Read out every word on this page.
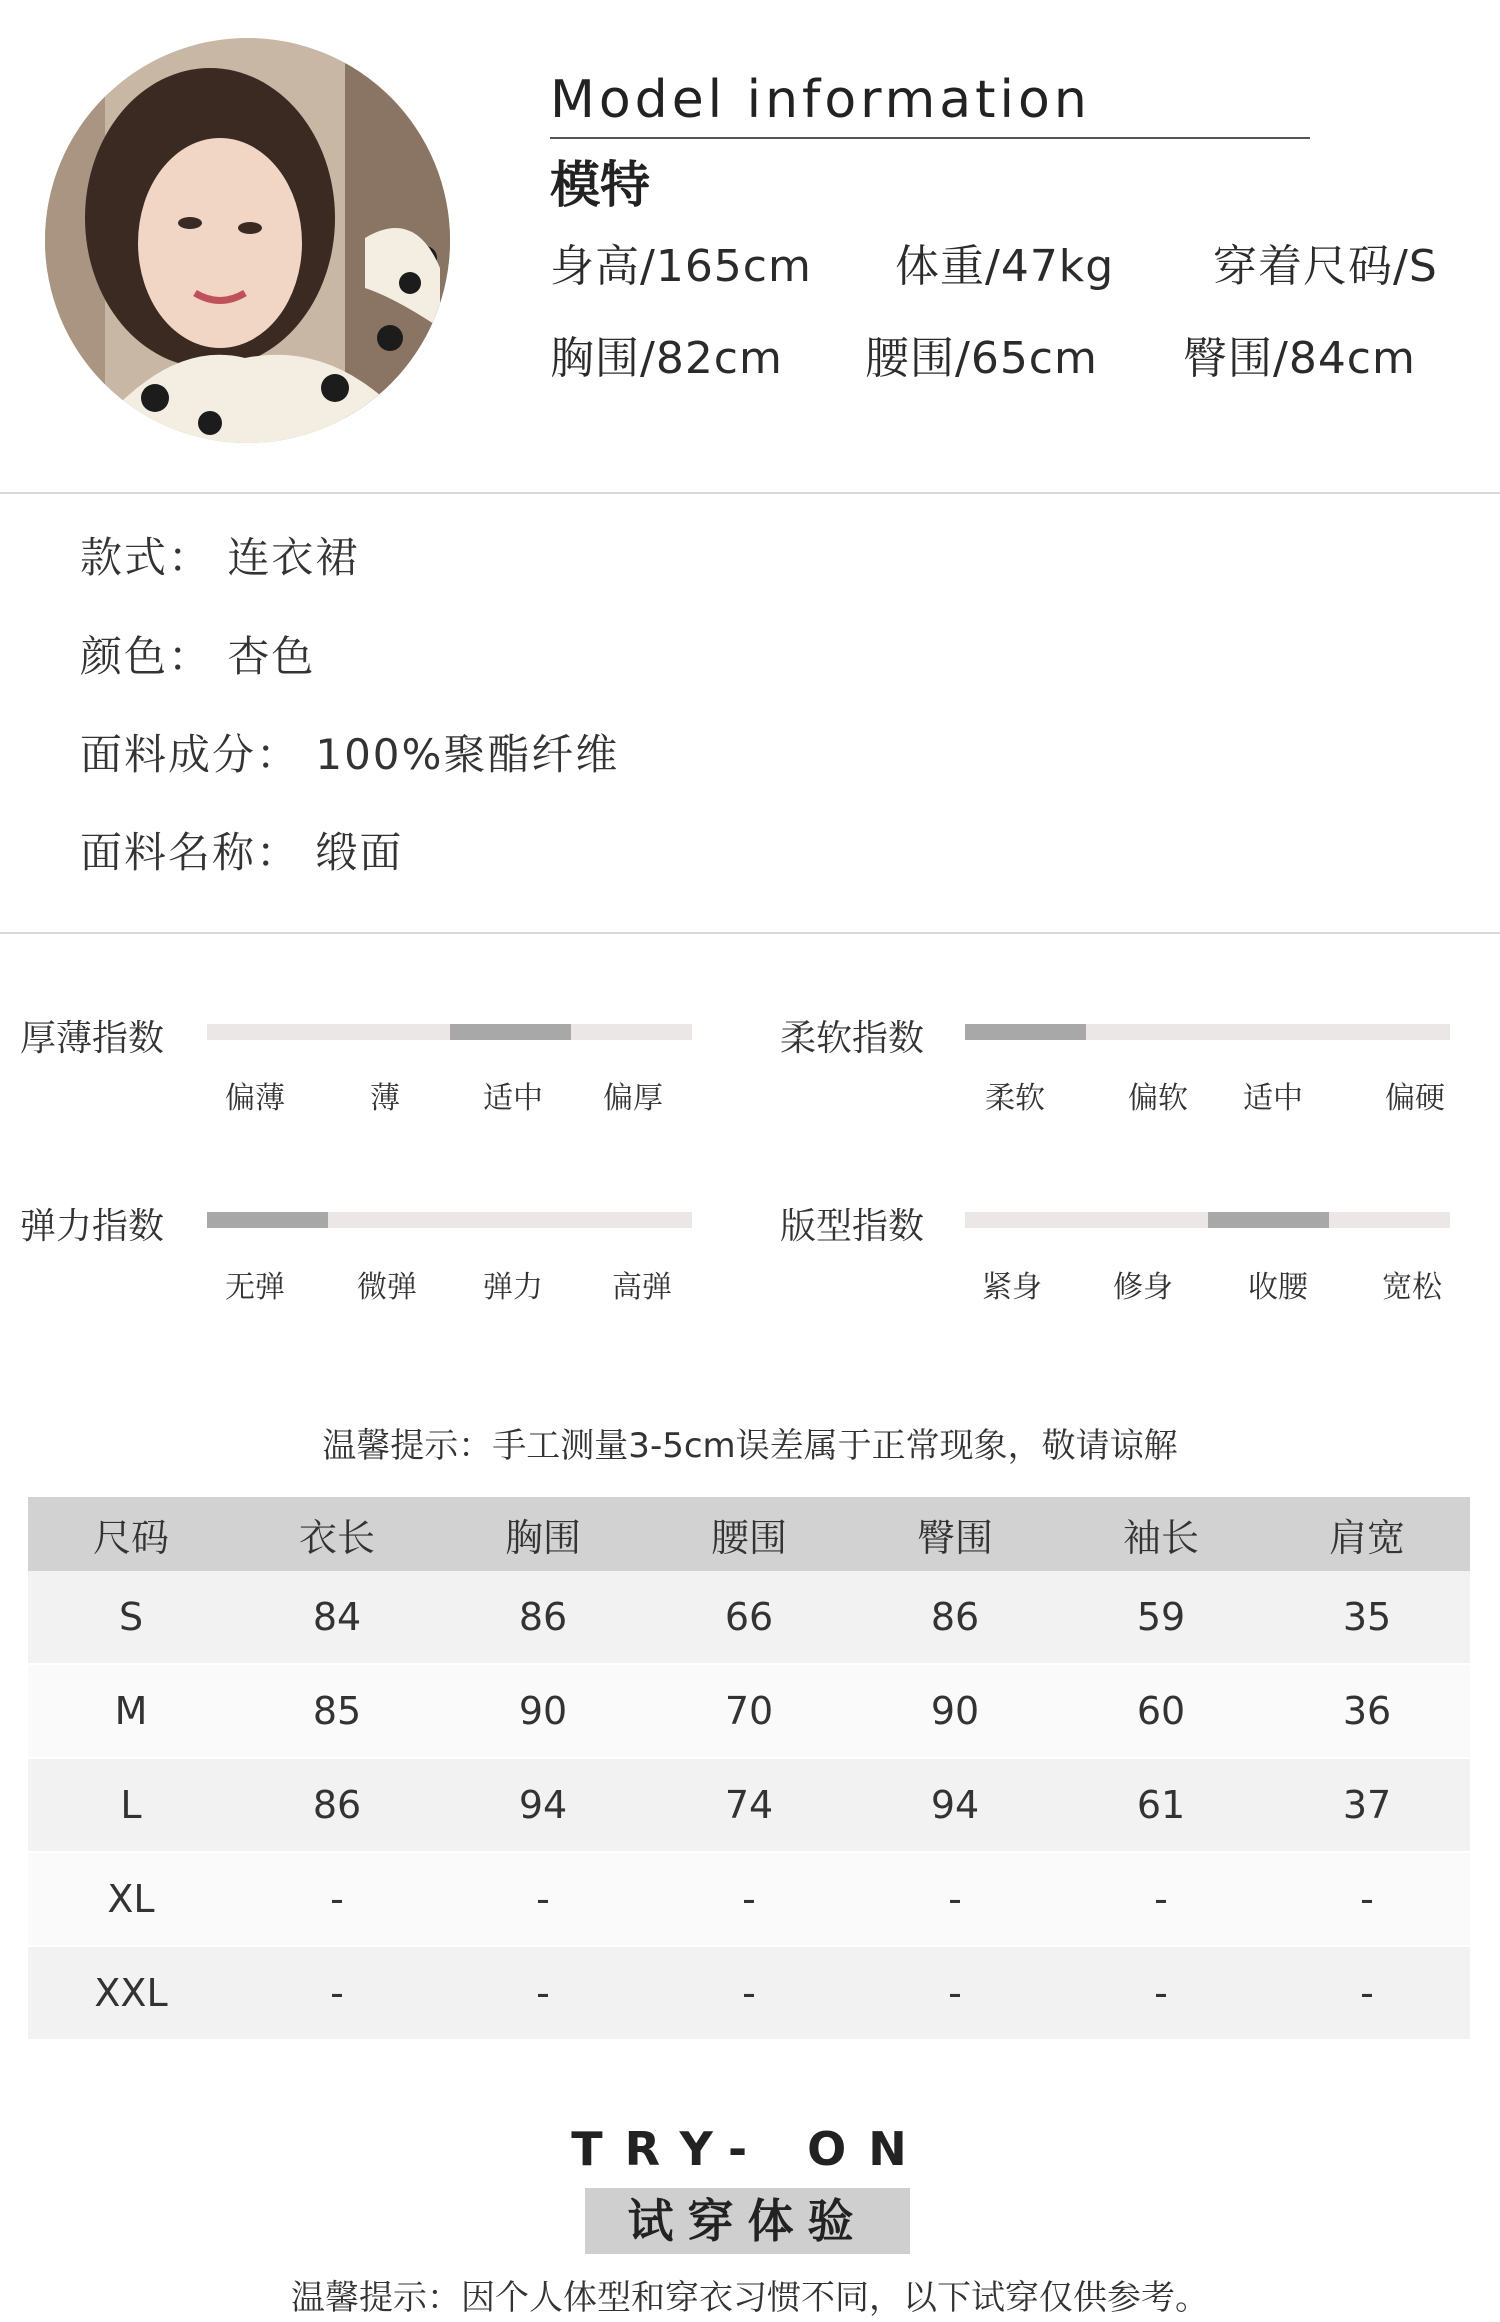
Model information
模特
身高/165cm 体重/47kg 穿着尺码/S
胸围/82cm 腰围/65cm 臀围/84cm
款式： 连衣裙
颜色： 杏色
面料成分： 100%聚酯纤维
面料名称： 缎面
厚薄指数
偏薄	薄	适中 偏厚
柔软指数
柔软	偏软 适中	偏硬
弹力指数
无弹 微弹 弹力 高弹
版型指数
紧身 修身	收腰 宽松
温馨提示：手工测量3-5cm误差属于正常现象，敬请谅解
尺码	衣长	胸围	腰围	臀围	袖长	肩宽
S	84	86	66	86	59	35
M	85	90	70	90	60	36
L	86	94	74	94	61	37
XL	-	-	-	-	-	-
XXL	-	-	-	-	-	-
TRY- ON
试穿体验
温馨提示：因个人体型和穿衣习惯不同，以下试穿仅供参考。
